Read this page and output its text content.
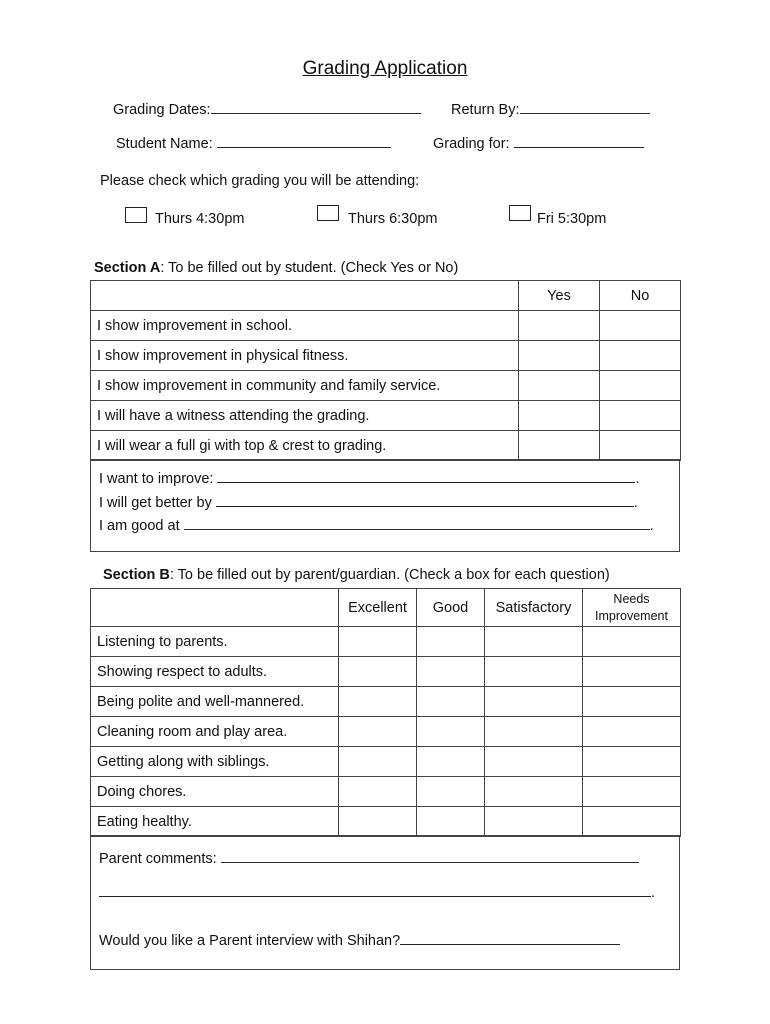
Grading Application
Grading Dates:	Return By:
Student Name:	Grading for:
Please check which grading you will be attending:
Thurs 4:30pm	Thurs 6:30pm	Fri 5:30pm
Section A: To be filled out by student. (Check Yes or No)
	Yes	No
I show improvement in school.		
I show improvement in physical fitness.		
I show improvement in community and family service.		
I will have a witness attending the grading.		
I will wear a full gi with top & crest to grading.		
I want to improve:	.
I will get better by	.
I am good at	.
Section B: To be filled out by parent/guardian. (Check a box for each question)
	Excellent	Good	Satisfactory	Needs Improvement
Listening to parents.				
Showing respect to adults.				
Being polite and well-mannered.				
Cleaning room and play area.				
Getting along with siblings.				
Doing chores.				
Eating healthy.				
Parent comments:
.
Would you like a Parent interview with Shihan?
